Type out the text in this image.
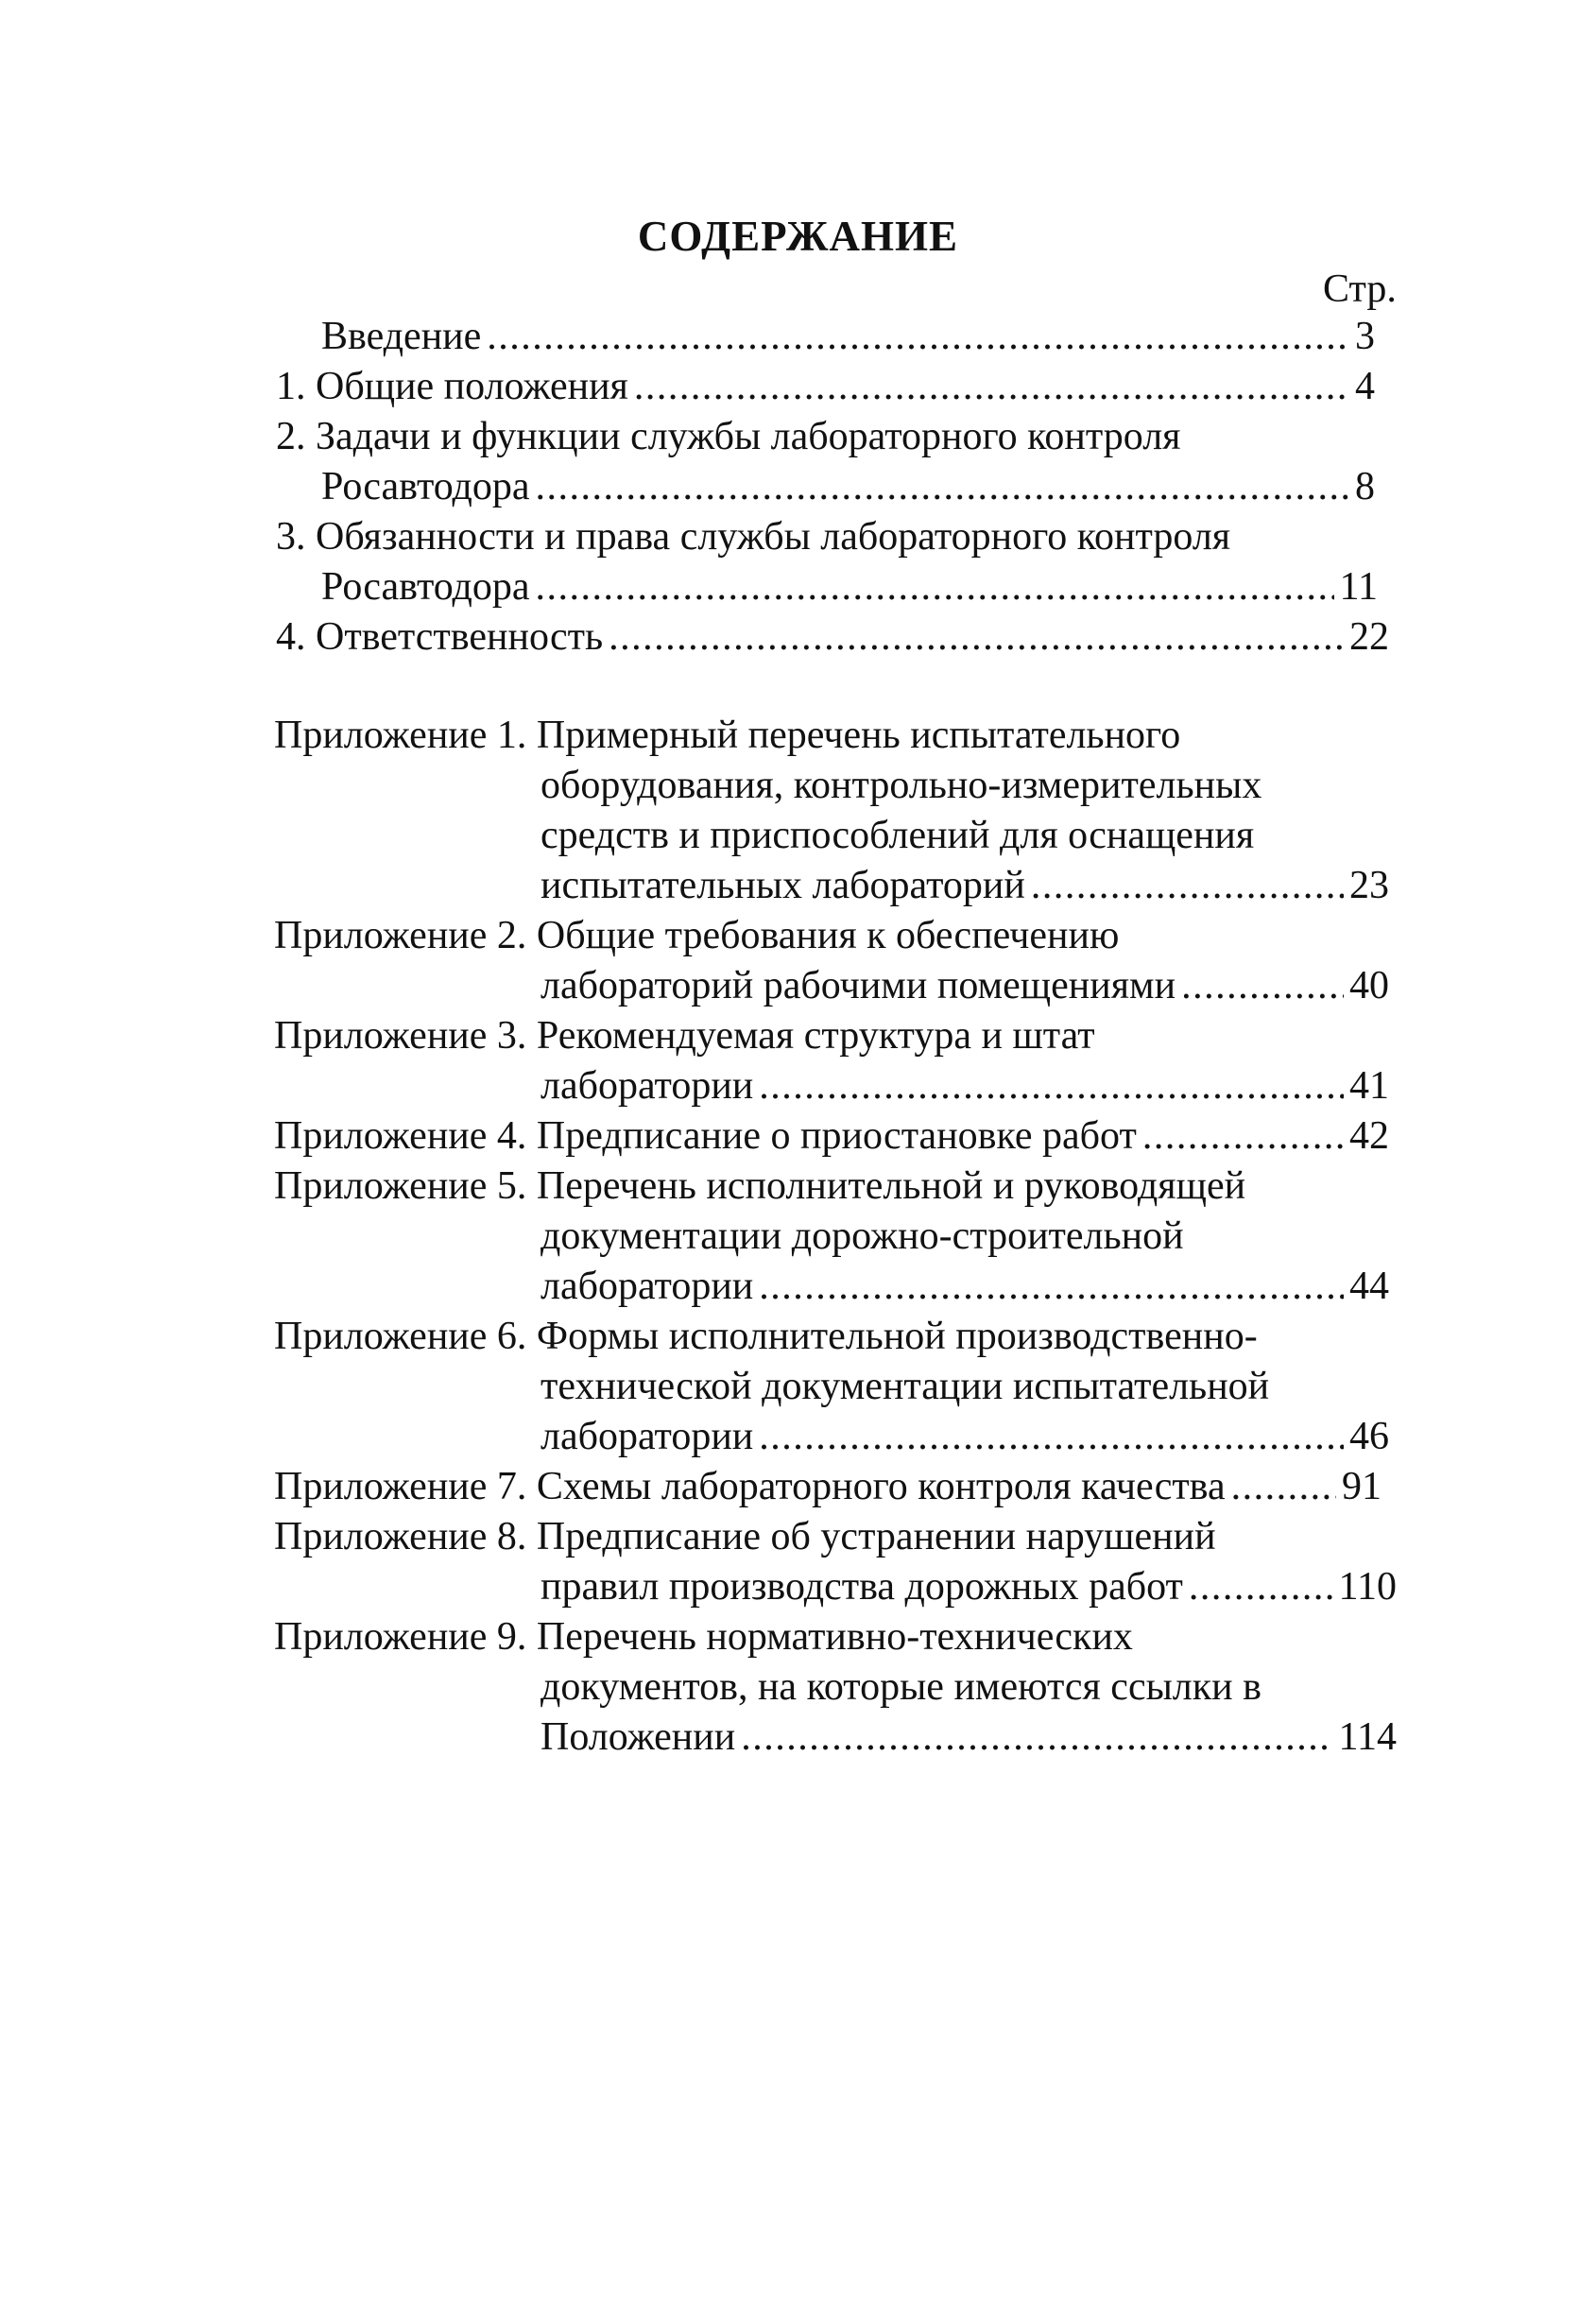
СОДЕРЖАНИЕ
Стр.
Введение .....	3
1. Общие положения .....	4
2. Задачи и функции службы лабораторного контроля
Росавтодора .....	8
3. Обязанности и права службы лабораторного контроля
Росавтодора .....	11
4. Ответственность .....	22
Приложение 1. Примерный перечень испытательного
оборудования, контрольно-измерительных
средств и приспособлений для оснащения
испытательных лабораторий .....	23
Приложение 2. Общие требования к обеспечению
лабораторий рабочими помещениями .....	40
Приложение 3. Рекомендуемая структура и штат
лаборатории .....	41
Приложение 4. Предписание о приостановке работ .....	42
Приложение 5. Перечень исполнительной и руководящей
документации дорожно-строительной
лаборатории .....	44
Приложение 6. Формы исполнительной производственно-
технической документации испытательной
лаборатории .....	46
Приложение 7. Схемы лабораторного контроля качества .....	91
Приложение 8. Предписание об устранении нарушений
правил производства дорожных работ .....	110
Приложение 9. Перечень нормативно-технических
документов, на которые имеются ссылки в
Положении .....	114
